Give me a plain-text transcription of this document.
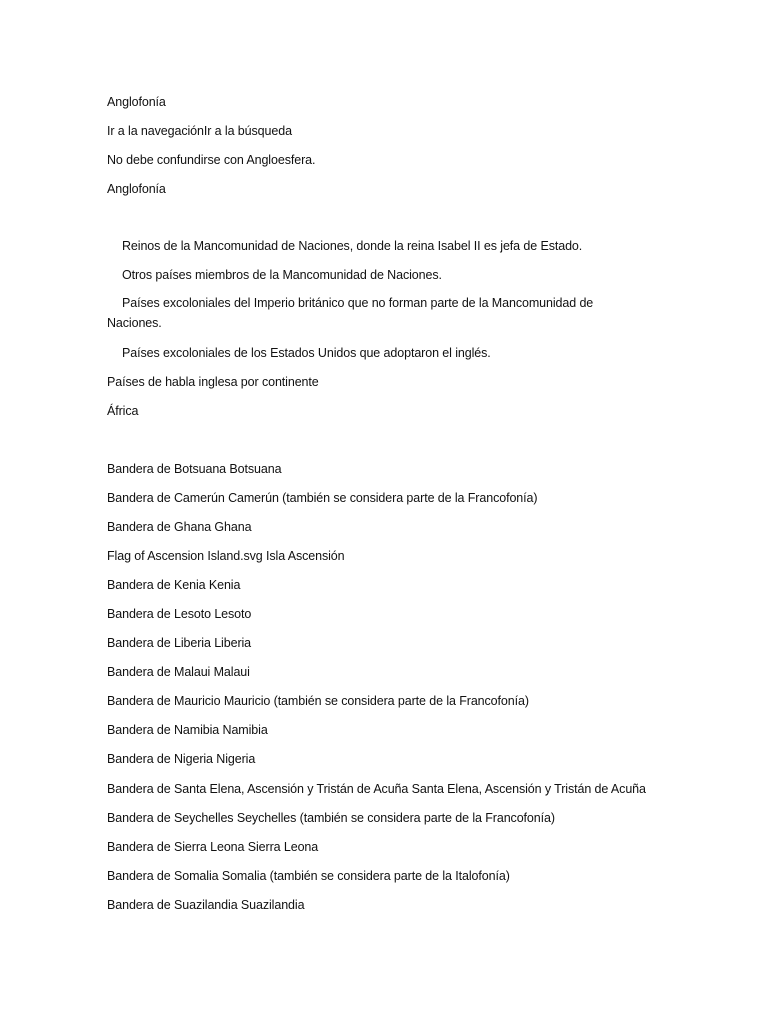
Anglofonía
Ir a la navegaciónIr a la búsqueda
No debe confundirse con Angloesfera.
Anglofonía
Reinos de la Mancomunidad de Naciones, donde la reina Isabel II es jefa de Estado.
Otros países miembros de la Mancomunidad de Naciones.
Países excoloniales del Imperio británico que no forman parte de la Mancomunidad de Naciones.
Países excoloniales de los Estados Unidos que adoptaron el inglés.
Países de habla inglesa por continente
África
Bandera de Botsuana Botsuana
Bandera de Camerún Camerún (también se considera parte de la Francofonía)
Bandera de Ghana Ghana
Flag of Ascension Island.svg Isla Ascensión
Bandera de Kenia Kenia
Bandera de Lesoto Lesoto
Bandera de Liberia Liberia
Bandera de Malaui Malaui
Bandera de Mauricio Mauricio (también se considera parte de la Francofonía)
Bandera de Namibia Namibia
Bandera de Nigeria Nigeria
Bandera de Santa Elena, Ascensión y Tristán de Acuña Santa Elena, Ascensión y Tristán de Acuña
Bandera de Seychelles Seychelles (también se considera parte de la Francofonía)
Bandera de Sierra Leona Sierra Leona
Bandera de Somalia Somalia (también se considera parte de la Italofonía)
Bandera de Suazilandia Suazilandia
